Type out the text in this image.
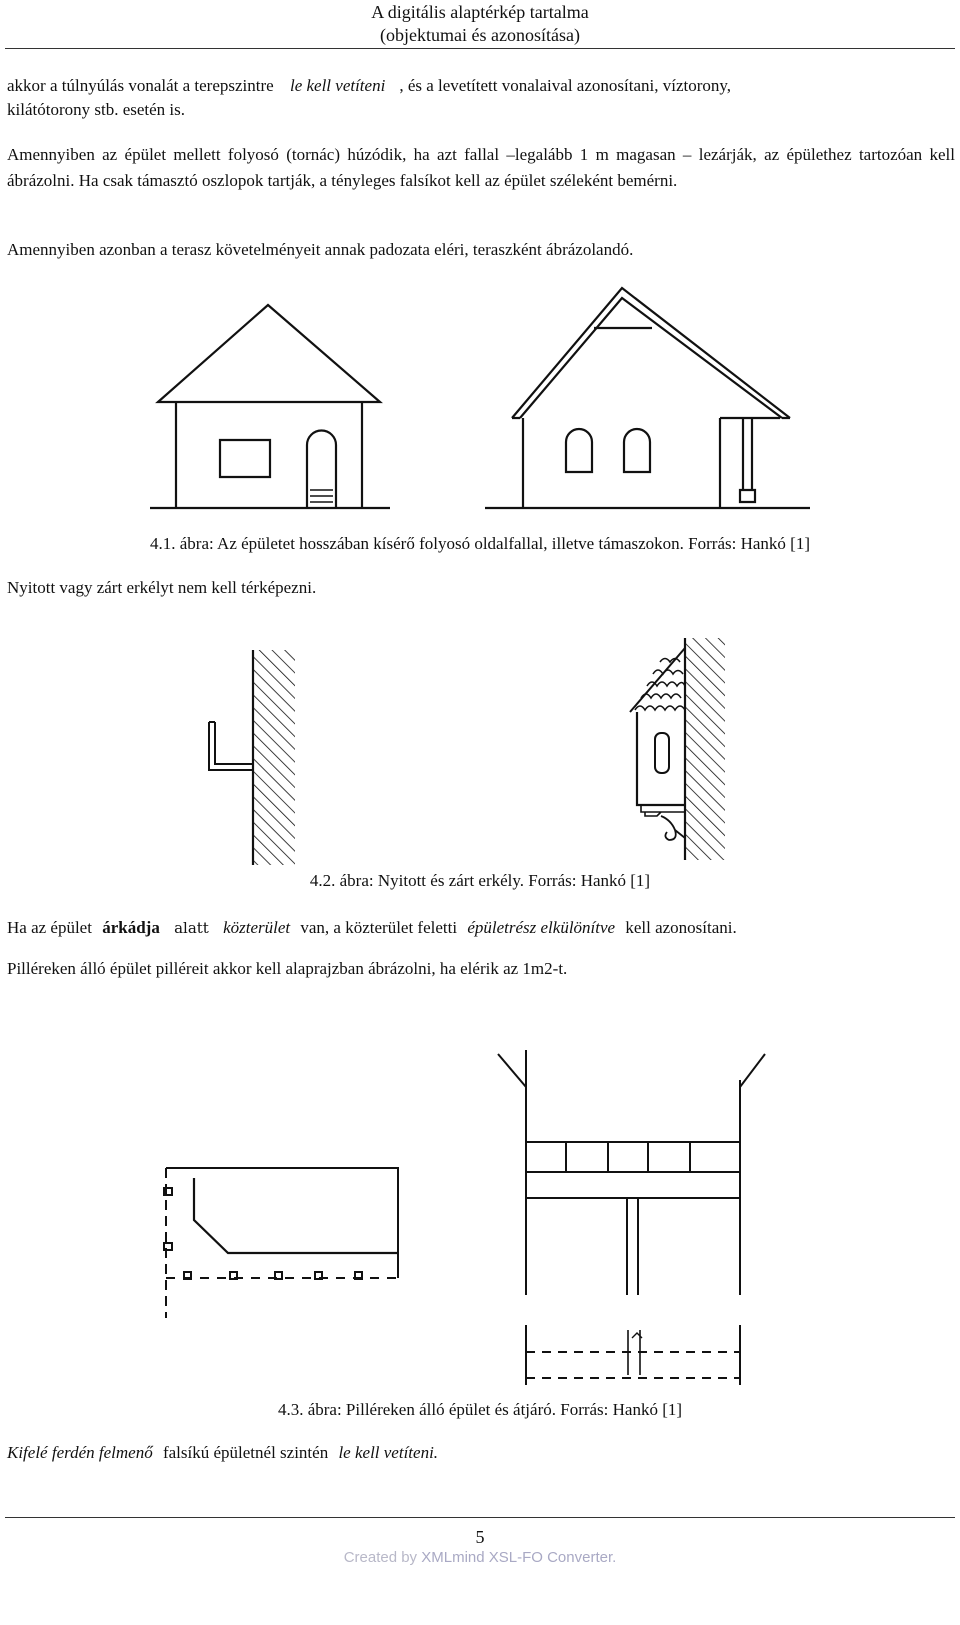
A digitális alaptérkép tartalma
(objektumai és azonosítása)
akkor a túlnyúlás vonalát a terepszintre le kell vetíteni , és a levetített vonalaival azonosítani, víztorony,
kilátótorony stb. esetén is.
Amennyiben az épület mellett folyosó (tornác) húzódik, ha azt fallal –legalább 1 m magasan – lezárják, az épülethez tartozóan kell ábrázolni. Ha csak támasztó oszlopok tartják, a tényleges falsíkot kell az épület széleként bemérni.
Amennyiben azonban a terasz követelményeit annak padozata eléri, teraszként ábrázolandó.
4.1. ábra: Az épületet hosszában kísérő folyosó oldalfallal, illetve támaszokon. Forrás: Hankó [1]
Nyitott vagy zárt erkélyt nem kell térképezni.
4.2. ábra: Nyitott és zárt erkély. Forrás: Hankó [1]
Ha az épület árkádja alatt közterület van, a közterület feletti épületrész elkülönítve kell azonosítani.
Pilléreken álló épület pilléreit akkor kell alaprajzban ábrázolni, ha elérik az 1m2-t.
4.3. ábra: Pilléreken álló épület és átjáró. Forrás: Hankó [1]
Kifelé ferdén felmenő falsíkú épületnél szintén le kell vetíteni.
5
Created by XMLmind XSL-FO Converter.
